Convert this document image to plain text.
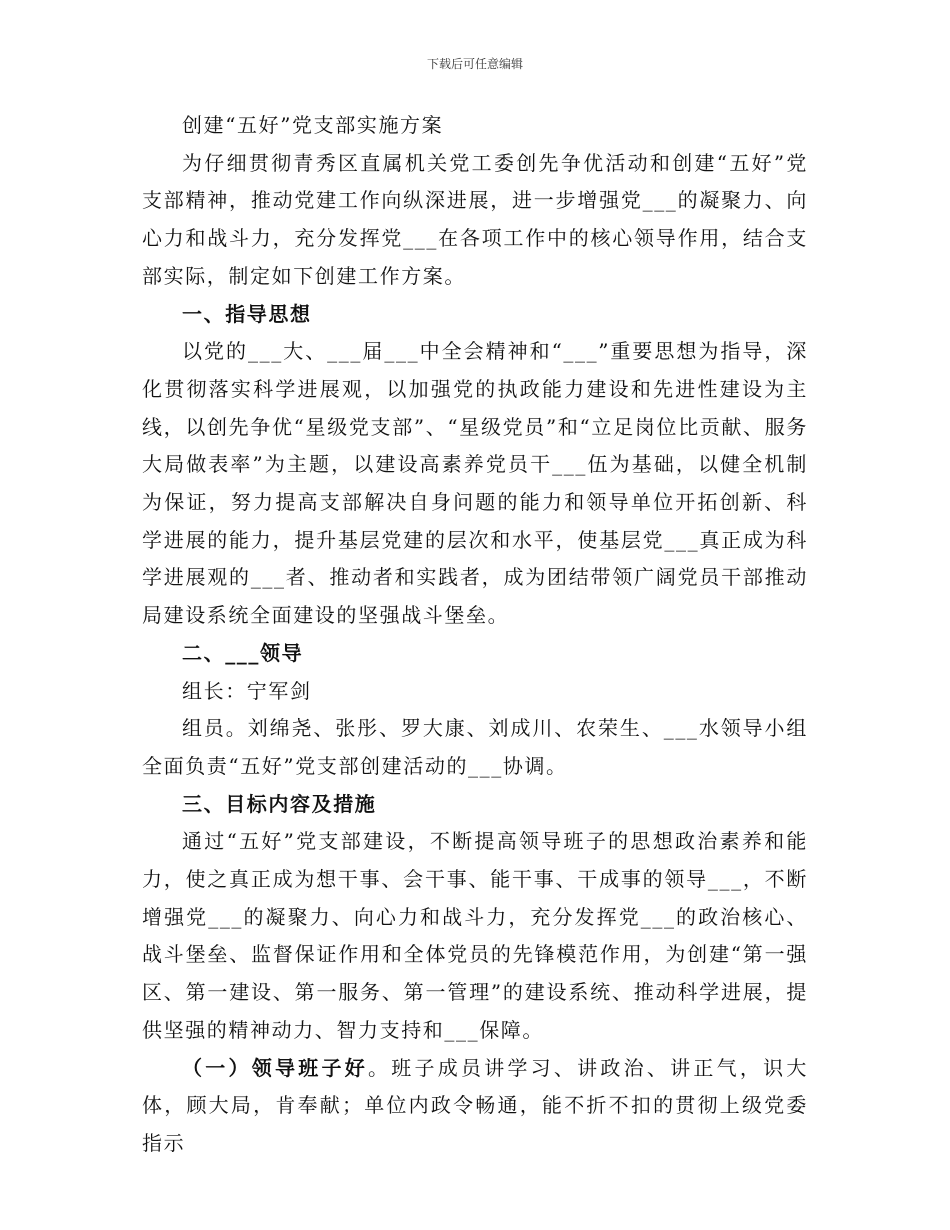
下载后可任意编辑

创建“五好”党支部实施方案

为仔细贯彻青秀区直属机关党工委创先争优活动和创建“五好”党支部精神，推动党建工作向纵深进展，进一步增强党___的凝聚力、向心力和战斗力，充分发挥党___在各项工作中的核心领导作用，结合支部实际，制定如下创建工作方案。

一、指导思想

以党的___大、___届___中全会精神和“___”重要思想为指导，深化贯彻落实科学进展观，以加强党的执政能力建设和先进性建设为主线，以创先争优“星级党支部”、“星级党员”和“立足岗位比贡献、服务大局做表率”为主题，以建设高素养党员干___伍为基础，以健全机制为保证，努力提高支部解决自身问题的能力和领导单位开拓创新、科学进展的能力，提升基层党建的层次和水平，使基层党___真正成为科学进展观的___者、推动者和实践者，成为团结带领广阔党员干部推动局建设系统全面建设的坚强战斗堡垒。

二、___领导

组长：宁军剑

组员。刘绵尧、张彤、罗大康、刘成川、农荣生、___水领导小组全面负责“五好”党支部创建活动的___协调。

三、目标内容及措施

通过“五好”党支部建设，不断提高领导班子的思想政治素养和能力，使之真正成为想干事、会干事、能干事、干成事的领导___，不断增强党___的凝聚力、向心力和战斗力，充分发挥党___的政治核心、战斗堡垒、监督保证作用和全体党员的先锋模范作用，为创建“第一强区、第一建设、第一服务、第一管理”的建设系统、推动科学进展，提供坚强的精神动力、智力支持和___保障。

（一）领导班子好。班子成员讲学习、讲政治、讲正气，识大体，顾大局，肯奉献；单位内政令畅通，能不折不扣的贯彻上级党委指示
